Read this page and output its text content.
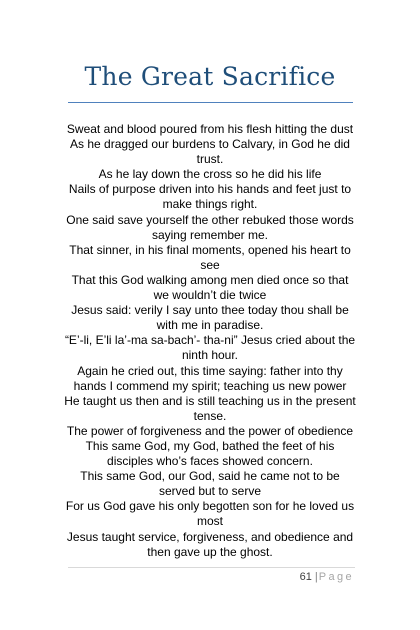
The Great Sacrifice
Sweat and blood poured from his flesh hitting the dust
As he dragged our burdens to Calvary, in God he did trust.
As he lay down the cross so he did his life
Nails of purpose driven into his hands and feet just to make things right.
One said save yourself the other rebuked those words saying remember me.
That sinner, in his final moments, opened his heart to see
That this God walking among men died once so that we wouldn’t die twice
Jesus said: verily I say unto thee today thou shall be with me in paradise.
“E’-li, E’li la’-ma sa-bach’- tha-ni” Jesus cried about the ninth hour.
Again he cried out, this time saying: father into thy hands I commend my spirit; teaching us new power
He taught us then and is still teaching us in the present tense.
The power of forgiveness and the power of obedience
This same God, my God, bathed the feet of his disciples who’s faces showed concern.
This same God, our God, said he came not to be served but to serve
For us God gave his only begotten son for he loved us most
Jesus taught service, forgiveness, and obedience and then gave up the ghost.
61 |Page
